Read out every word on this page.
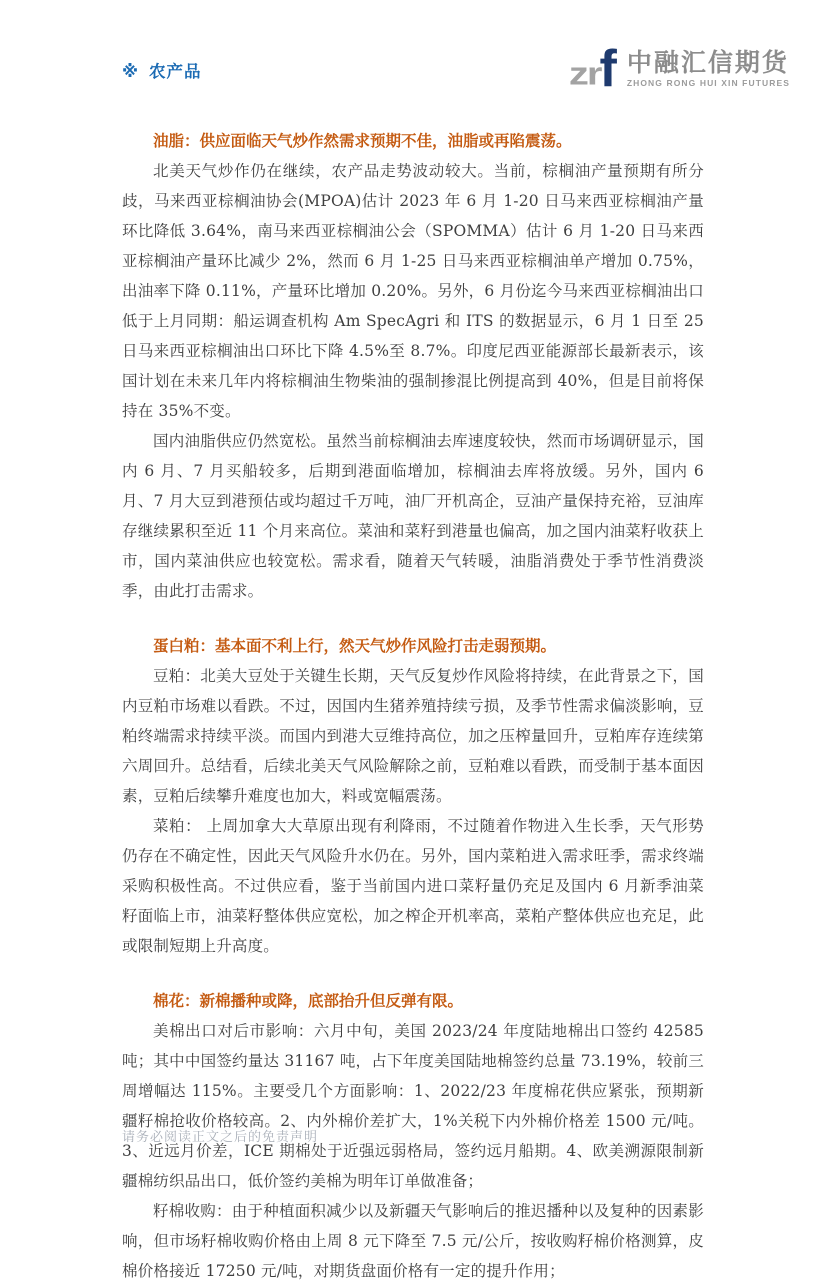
zr f 中融汇信期货
ZHONG RONG HUI XIN FUTURES
※ 农产品
油脂：供应面临天气炒作然需求预期不佳，油脂或再陷震荡。

北美天气炒作仍在继续，农产品走势波动较大。当前，棕榈油产量预期有所分歧，马来西亚棕榈油协会(MPOA)估计 2023 年 6 月 1-20 日马来西亚棕榈油产量环比降低 3.64%，南马来西亚棕榈油公会（SPOMMA）估计 6 月 1-20 日马来西亚棕榈油产量环比减少 2%，然而 6 月 1-25 日马来西亚棕榈油单产增加 0.75%，出油率下降 0.11%，产量环比增加 0.20%。另外，6 月份迄今马来西亚棕榈油出口低于上月同期：船运调查机构 Am SpecAgri 和 ITS 的数据显示，6 月 1 日至 25 日马来西亚棕榈油出口环比下降 4.5%至 8.7%。印度尼西亚能源部长最新表示，该国计划在未来几年内将棕榈油生物柴油的强制掺混比例提高到 40%，但是目前将保持在 35%不变。

国内油脂供应仍然宽松。虽然当前棕榈油去库速度较快，然而市场调研显示，国内 6 月、7 月买船较多，后期到港面临增加，棕榈油去库将放缓。另外，国内 6 月、7 月大豆到港预估或均超过千万吨，油厂开机高企，豆油产量保持充裕，豆油库存继续累积至近 11 个月来高位。菜油和菜籽到港量也偏高，加之国内油菜籽收获上市，国内菜油供应也较宽松。需求看，随着天气转暖，油脂消费处于季节性消费淡季，由此打击需求。

蛋白粕：基本面不利上行，然天气炒作风险打击走弱预期。

豆粕：北美大豆处于关键生长期，天气反复炒作风险将持续，在此背景之下，国内豆粕市场难以看跌。不过，因国内生猪养殖持续亏损，及季节性需求偏淡影响，豆粕终端需求持续平淡。而国内到港大豆维持高位，加之压榨量回升，豆粕库存连续第六周回升。总结看，后续北美天气风险解除之前，豆粕难以看跌，而受制于基本面因素，豆粕后续攀升难度也加大，料或宽幅震荡。

菜粕： 上周加拿大大草原出现有利降雨，不过随着作物进入生长季，天气形势仍存在不确定性，因此天气风险升水仍在。另外，国内菜粕进入需求旺季，需求终端采购积极性高。不过供应看，鉴于当前国内进口菜籽量仍充足及国内 6 月新季油菜籽面临上市，油菜籽整体供应宽松，加之榨企开机率高，菜粕产整体供应也充足，此或限制短期上升高度。

棉花：新棉播种或降，底部抬升但反弹有限。

美棉出口对后市影响：六月中旬，美国 2023/24 年度陆地棉出口签约 42585 吨；其中中国签约量达 31167 吨，占下年度美国陆地棉签约总量 73.19%，较前三周增幅达 115%。主要受几个方面影响：1、2022/23 年度棉花供应紧张，预期新疆籽棉抢收价格较高。2、内外棉价差扩大，1%关税下内外棉价格差 1500 元/吨。3、近远月价差，ICE 期棉处于近强远弱格局，签约远月船期。4、欧美溯源限制新疆棉纺织品出口，低价签约美棉为明年订单做准备；

籽棉收购：由于种植面积减少以及新疆天气影响后的推迟播种以及复种的因素影响，但市场籽棉收购价格由上周 8 元下降至 7.5 元/公斤，按收购籽棉价格测算，皮棉价格接近 17250 元/吨，对期货盘面价格有一定的提升作用；

请务必阅读正文之后的免责声明
